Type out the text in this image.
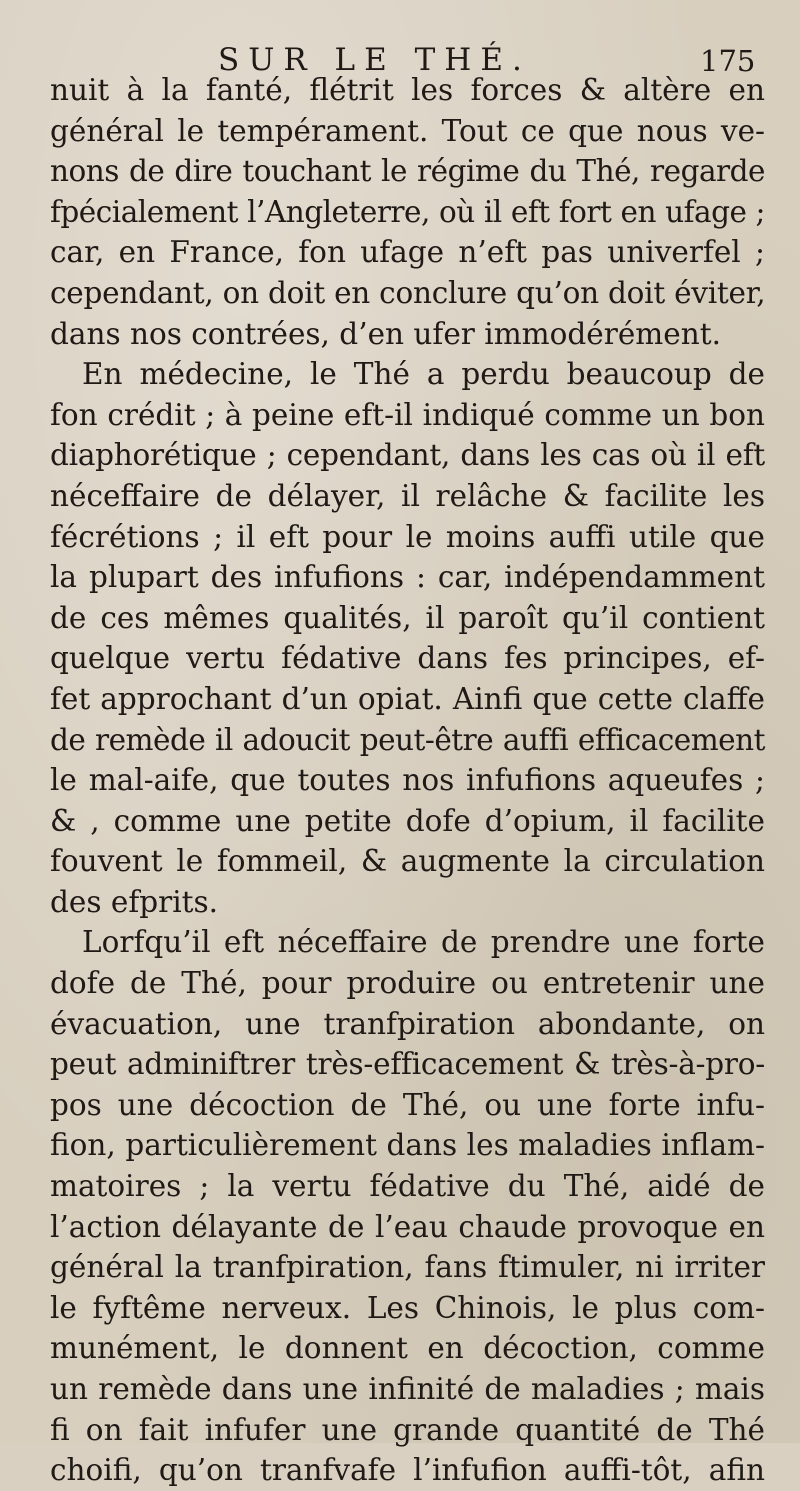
SUR LE THÉ.	175
nuit à la fanté, flétrit les forces & altère en
général le tempérament. Tout ce que nous ve-
nons de dire touchant le régime du Thé, regarde
fpécialement l’Angleterre, où il eft fort en ufage ;
car, en France, fon ufage n’eft pas univerfel ;
cependant, on doit en conclure qu’on doit éviter,
dans nos contrées, d’en ufer immodérément.
En médecine, le Thé a perdu beaucoup de
fon crédit ; à peine eft-il indiqué comme un bon
diaphorétique ; cependant, dans les cas où il eft
néceffaire de délayer, il relâche & facilite les
fécrétions ; il eft pour le moins auffi utile que
la plupart des infufions : car, indépendamment
de ces mêmes qualités, il paroît qu’il contient
quelque vertu fédative dans fes principes, ef-
fet approchant d’un opiat. Ainfi que cette claffe
de remède il adoucit peut-être auffi efficacement
le mal-aife, que toutes nos infufions aqueufes ;
& , comme une petite dofe d’opium, il facilite
fouvent le fommeil, & augmente la circulation
des efprits.
Lorfqu’il eft néceffaire de prendre une forte
dofe de Thé, pour produire ou entretenir une
évacuation, une tranfpiration abondante, on
peut adminiftrer très-efficacement & très-à-pro-
pos une décoction de Thé, ou une forte infu-
fion, particulièrement dans les maladies inflam-
matoires ; la vertu fédative du Thé, aidé de
l’action délayante de l’eau chaude provoque en
général la tranfpiration, fans ftimuler, ni irriter
le fyftême nerveux. Les Chinois, le plus com-
munément, le donnent en décoction, comme
un remède dans une infinité de maladies ; mais
fi on fait infufer une grande quantité de Thé
choifi, qu’on tranfvafe l’infufion auffi-tôt, afin
